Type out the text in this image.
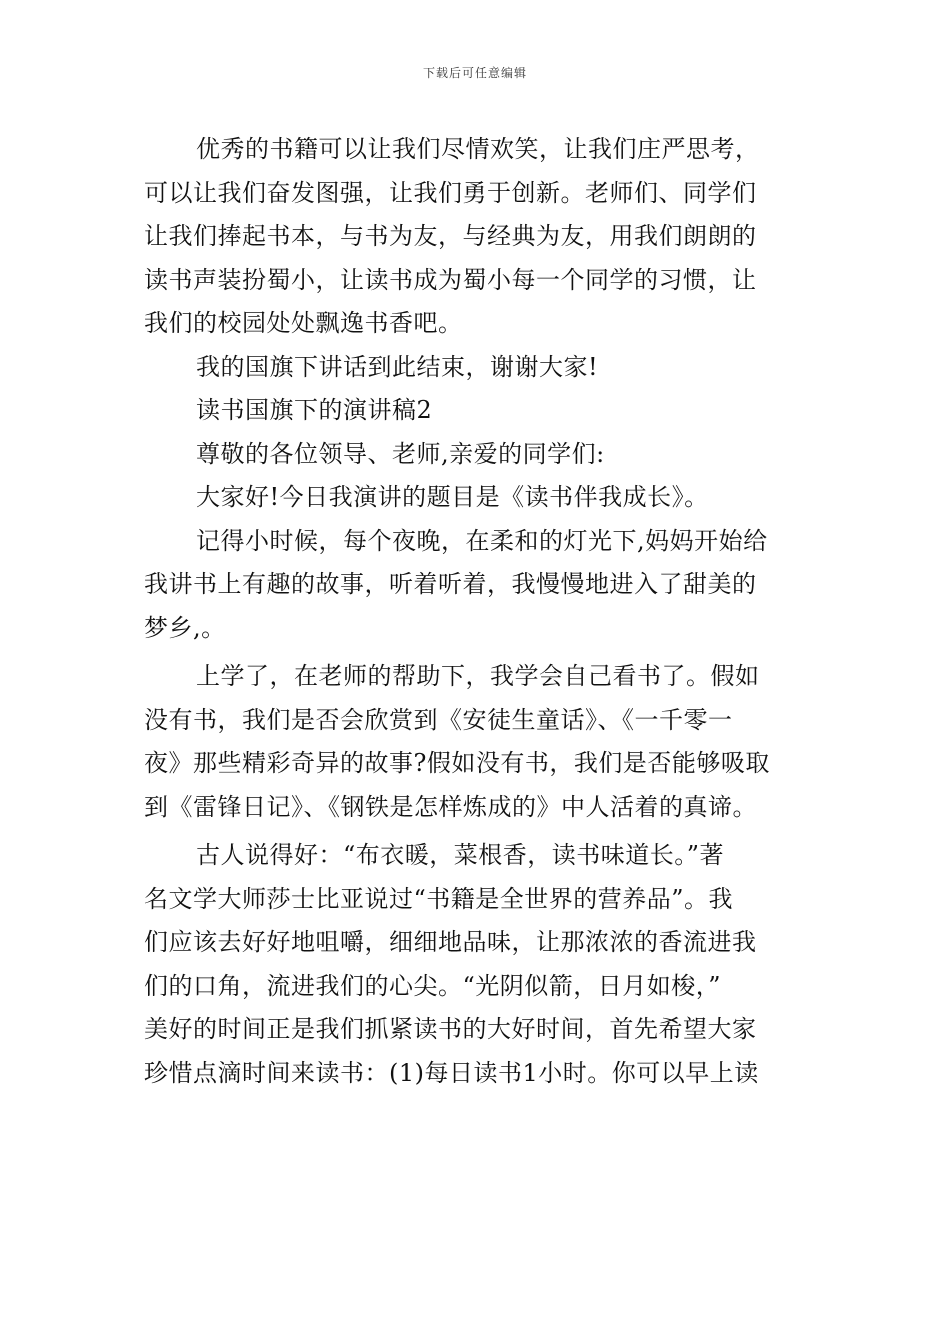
下载后可任意编辑
优秀的书籍可以让我们尽情欢笑，让我们庄严思考，
可以让我们奋发图强，让我们勇于创新。老师们、同学们
让我们捧起书本，与书为友，与经典为友，用我们朗朗的
读书声装扮蜀小，让读书成为蜀小每一个同学的习惯，让
我们的校园处处飘逸书香吧。
我的国旗下讲话到此结束，谢谢大家!
读书国旗下的演讲稿2
尊敬的各位领导、老师,亲爱的同学们:
大家好!今日我演讲的题目是《读书伴我成长》。
记得小时候，每个夜晚，在柔和的灯光下,妈妈开始给
我讲书上有趣的故事，听着听着，我慢慢地进入了甜美的
梦乡,。
上学了，在老师的帮助下，我学会自己看书了。假如
没有书，我们是否会欣赏到《安徒生童话》、《一千零一
夜》那些精彩奇异的故事?假如没有书，我们是否能够吸取
到《雷锋日记》、《钢铁是怎样炼成的》中人活着的真谛。
古人说得好：“布衣暖，菜根香，读书味道长。”著
名文学大师莎士比亚说过“书籍是全世界的营养品”。我
们应该去好好地咀嚼，细细地品味，让那浓浓的香流进我
们的口角，流进我们的心尖。“光阴似箭，日月如梭，”
美好的时间正是我们抓紧读书的大好时间，首先希望大家
珍惜点滴时间来读书：(1)每日读书1小时。你可以早上读
